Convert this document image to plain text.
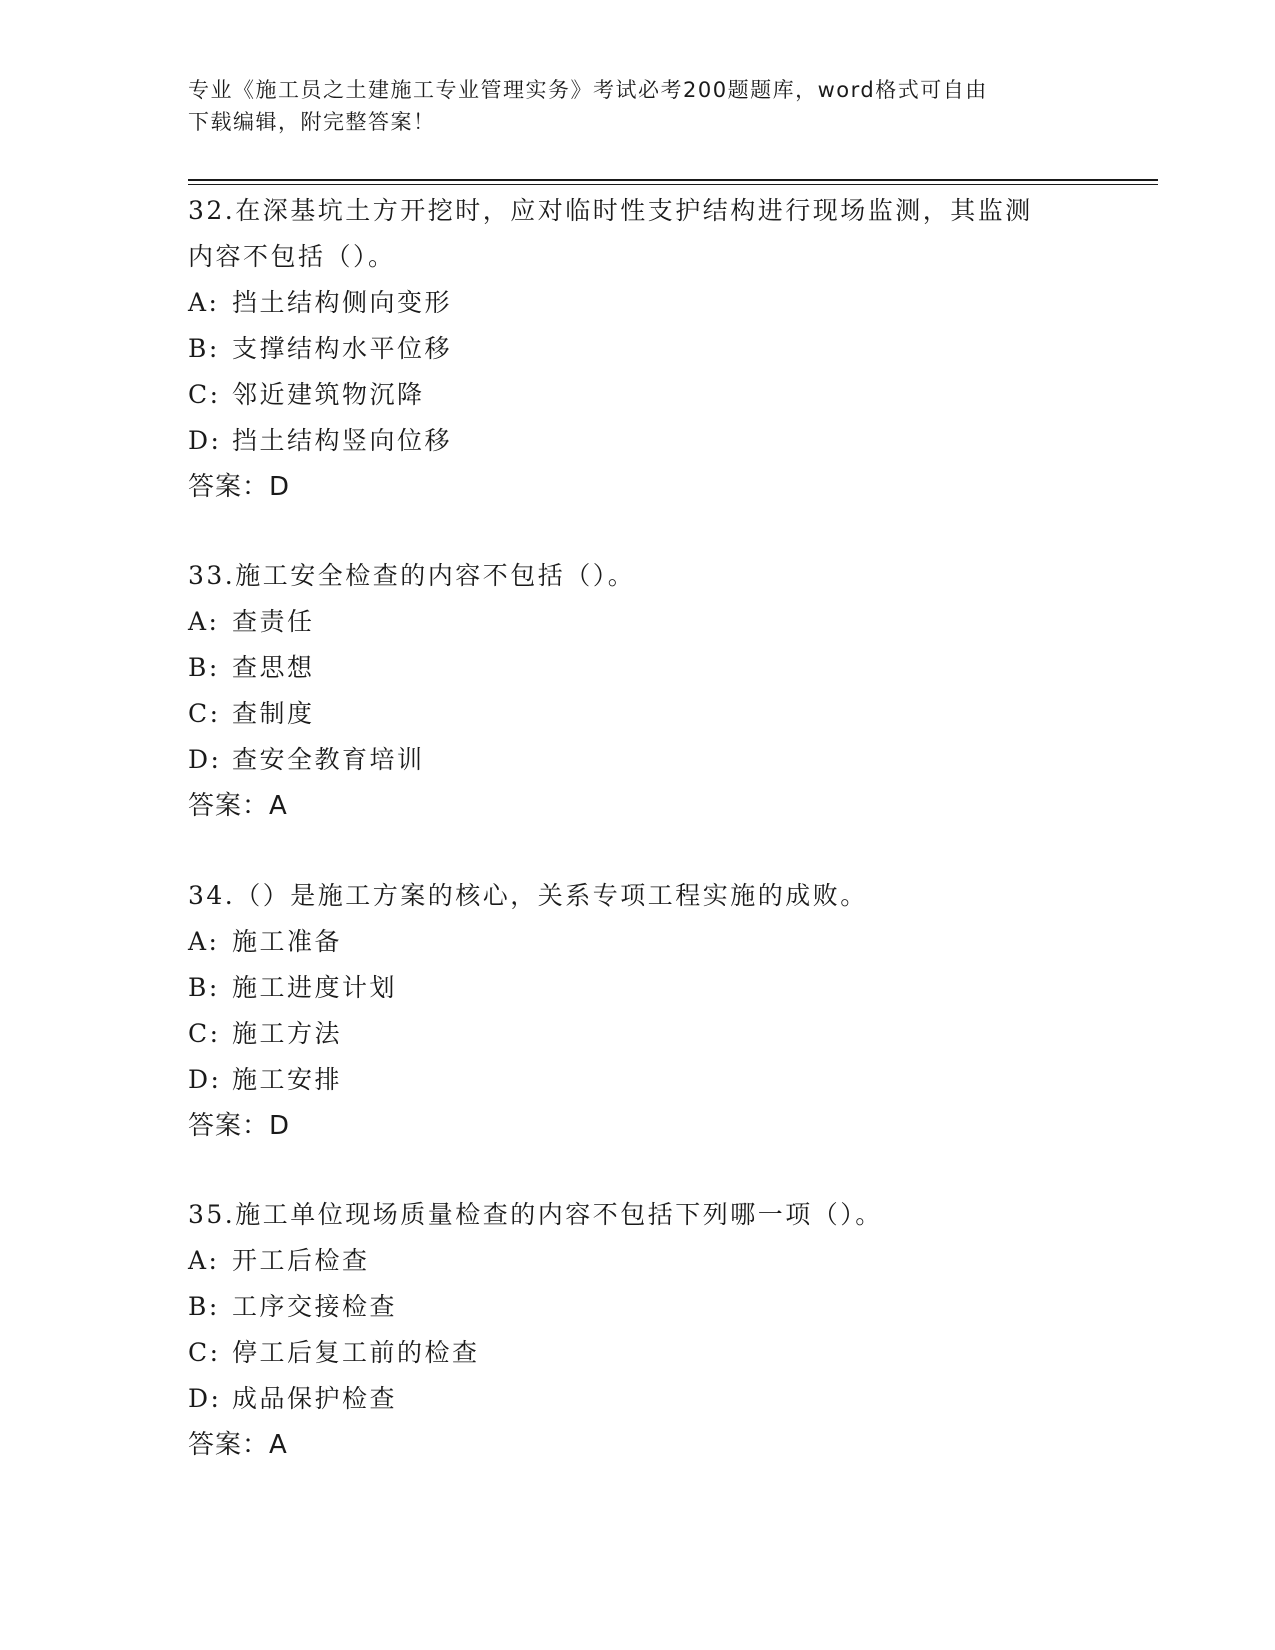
专业《施工员之土建施工专业管理实务》考试必考200题题库，word格式可自由
下载编辑，附完整答案！

32.在深基坑土方开挖时，应对临时性支护结构进行现场监测，其监测

内容不包括（）。

A: 挡土结构侧向变形

B: 支撑结构水平位移

C: 邻近建筑物沉降

D: 挡土结构竖向位移

答案：D

33.施工安全检查的内容不包括（）。

A: 查责任

B: 查思想

C: 查制度

D: 查安全教育培训

答案：A

34.（）是施工方案的核心，关系专项工程实施的成败。

A: 施工准备

B: 施工进度计划

C: 施工方法

D: 施工安排

答案：D

35.施工单位现场质量检查的内容不包括下列哪一项（）。

A: 开工后检查

B: 工序交接检查

C: 停工后复工前的检查

D: 成品保护检查

答案：A
